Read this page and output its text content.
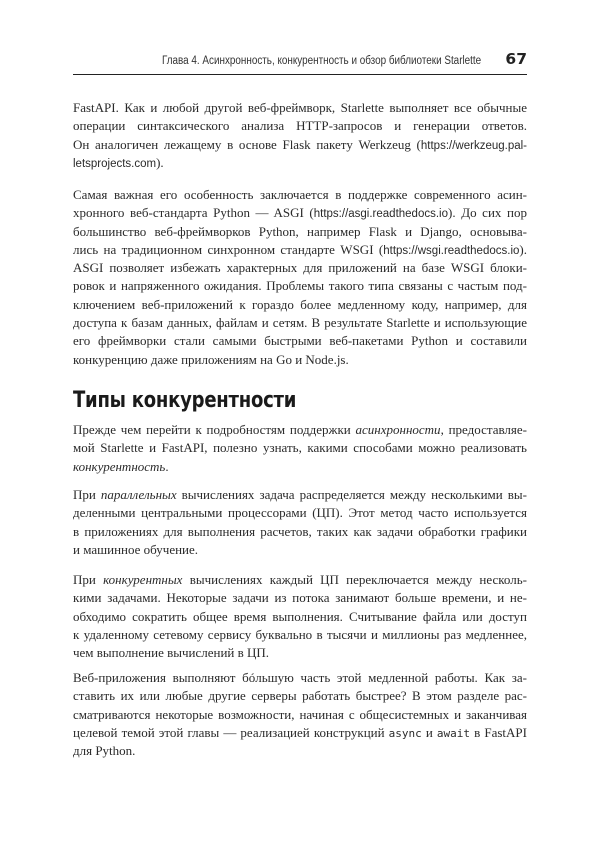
Глава 4. Асинхронность, конкурентность и обзор библиотеки Starlette 67
FastAPI. Как и любой другой веб-фреймворк, Starlette выполняет все обычные
операции синтаксического анализа HTTP-запросов и генерации ответов.
Он аналогичен лежащему в основе Flask пакету Werkzeug (https://werkzeug.pal-
letsprojects.com).
Самая важная его особенность заключается в поддержке современного асин-
хронного веб-стандарта Python — ASGI (https://asgi.readthedocs.io). До сих пор
большинство веб-фреймворков Python, например Flask и Django, основыва-
лись на традиционном синхронном стандарте WSGI (https://wsgi.readthedocs.io).
ASGI позволяет избежать характерных для приложений на базе WSGI блоки-
ровок и напряженного ожидания. Проблемы такого типа связаны с частым под-
ключением веб-приложений к гораздо более медленному коду, например, для
доступа к базам данных, файлам и сетям. В результате Starlette и использующие
его фреймворки стали самыми быстрыми веб-пакетами Python и составили
конкуренцию даже приложениям на Go и Node.js.
Прежде чем перейти к подробностям поддержки асинхронности, предоставляе-
мой Starlette и FastAPI, полезно узнать, какими способами можно реализовать
конкурентность.
При параллельных вычислениях задача распределяется между несколькими вы-
деленными центральными процессорами (ЦП). Этот метод часто используется
в приложениях для выполнения расчетов, таких как задачи обработки графики
и машинное обучение.
При конкурентных вычислениях каждый ЦП переключается между несколь-
кими задачами. Некоторые задачи из потока занимают больше времени, и не-
обходимо сократить общее время выполнения. Считывание файла или доступ
к удаленному сетевому сервису буквально в тысячи и миллионы раз медленнее,
чем выполнение вычислений в ЦП.
Веб-приложения выполняют бóльшую часть этой медленной работы. Как за-
ставить их или любые другие серверы работать быстрее? В этом разделе рас-
сматриваются некоторые возможности, начиная с общесистемных и заканчивая
целевой темой этой главы — реализацией конструкций async и await в FastAPI
для Python.
Типы конкурентности
